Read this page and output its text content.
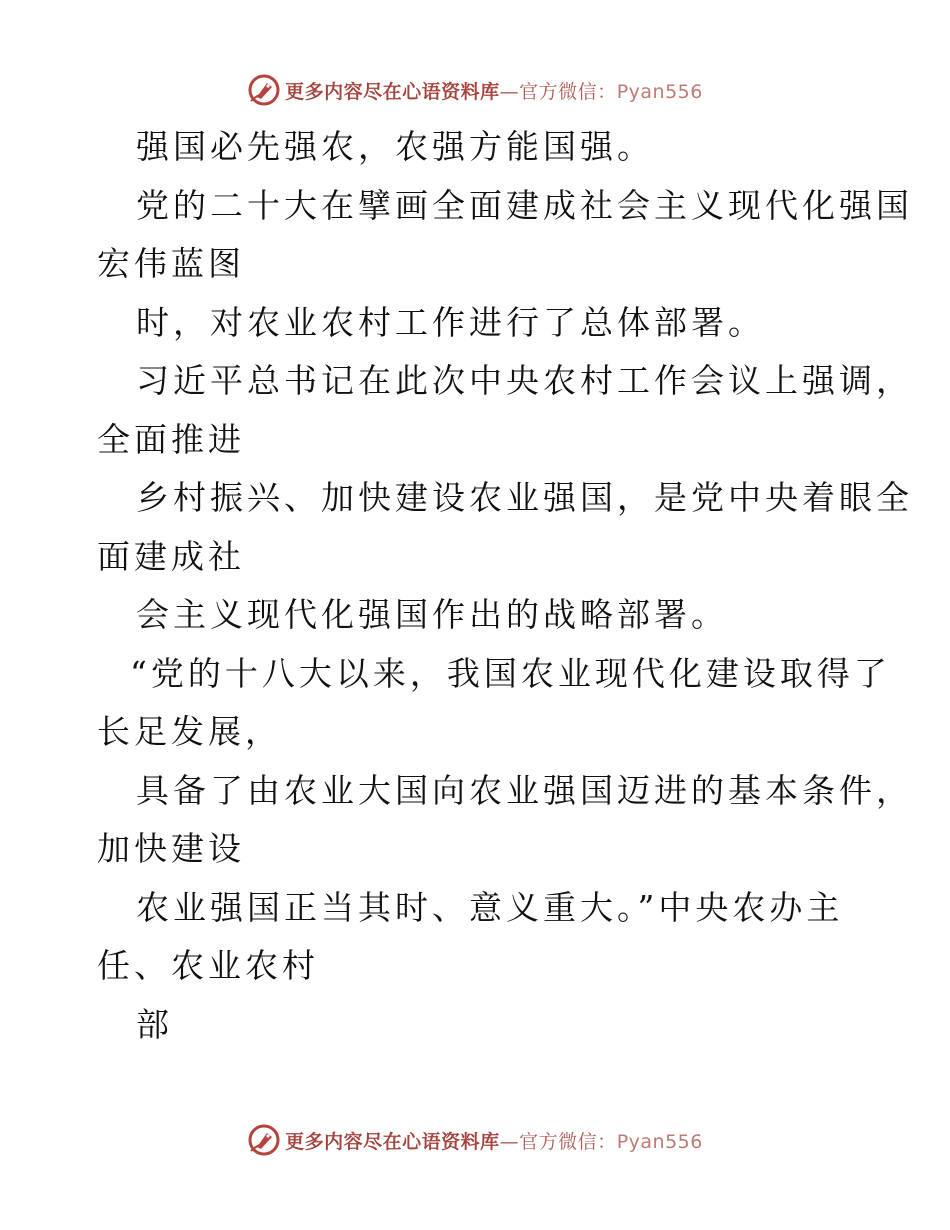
更多内容尽在心语资料库—官方微信：Pyan556
强国必先强农，农强方能国强。
党的二十大在擘画全面建成社会主义现代化强国
宏伟蓝图
时，对农业农村工作进行了总体部署。
习近平总书记在此次中央农村工作会议上强调，
全面推进
乡村振兴、加快建设农业强国，是党中央着眼全
面建成社
会主义现代化强国作出的战略部署。
“党的十八大以来，我国农业现代化建设取得了
长足发展，
具备了由农业大国向农业强国迈进的基本条件，
加快建设
农业强国正当其时、意义重大。”中央农办主
任、农业农村
部
更多内容尽在心语资料库—官方微信：Pyan556
